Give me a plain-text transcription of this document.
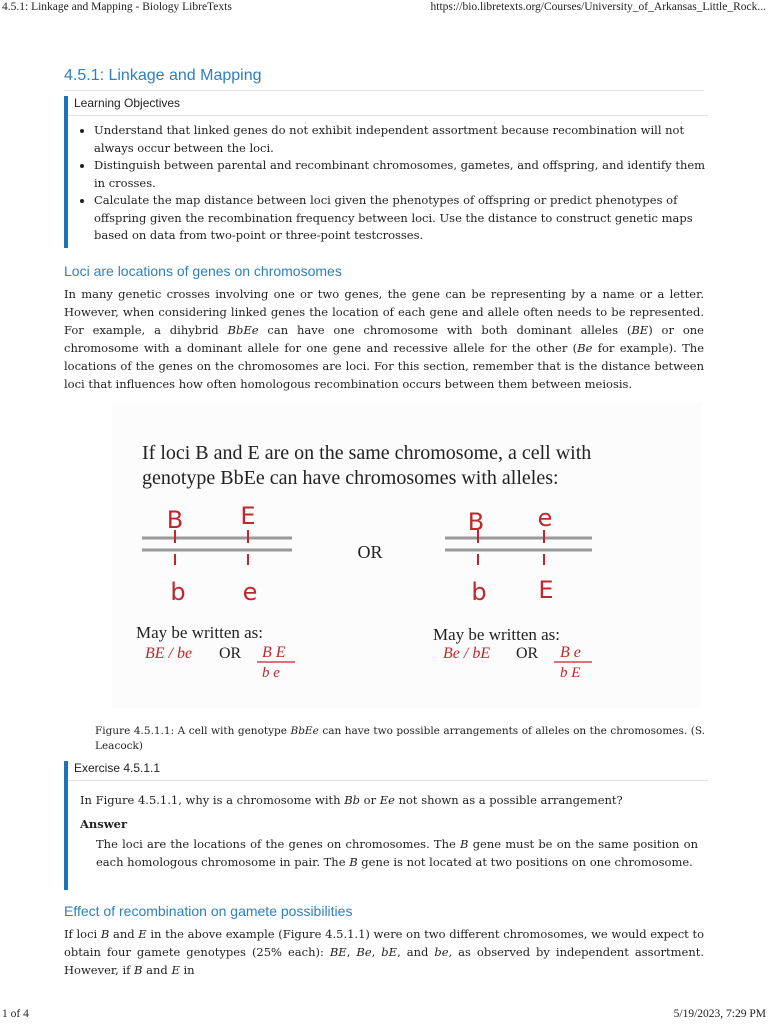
4.5.1: Linkage and Mapping - Biology LibreTexts	https://bio.libretexts.org/Courses/University_of_Arkansas_Little_Rock...
4.5.1: Linkage and Mapping
Learning Objectives
• Understand that linked genes do not exhibit independent assortment because recombination will not always occur between the loci.
• Distinguish between parental and recombinant chromosomes, gametes, and offspring, and identify them in crosses.
• Calculate the map distance between loci given the phenotypes of offspring or predict phenotypes of offspring given the recombination frequency between loci. Use the distance to construct genetic maps based on data from two-point or three-point testcrosses.
Loci are locations of genes on chromosomes

In many genetic crosses involving one or two genes, the gene can be representing by a name or a letter. However, when considering linked genes the location of each gene and allele often needs to be represented. For example, a dihybrid BbEe can have one chromosome with both dominant alleles (BE) or one chromosome with a dominant allele for one gene and recessive allele for the other (Be for example). The locations of the genes on the chromosomes are loci. For this section, remember that is the distance between loci that influences how often homologous recombination occurs between them between meiosis.

If loci B and E are on the same chromosome, a cell with
genotype BbEe can have chromosomes with alleles:
B E
b e
OR
B e
b E
May be written as:
BE / be OR B E
b e
May be written as:
Be / bE OR B e
b E
Figure 4.5.1.1: A cell with genotype BbEe can have two possible arrangements of alleles on the chromosomes. (S. Leacock)
Exercise 4.5.1.1
In Figure 4.5.1.1, why is a chromosome with Bb or Ee not shown as a possible arrangement?
Answer
The loci are the locations of the genes on chromosomes. The B gene must be on the same position on each homologous chromosome in pair. The B gene is not located at two positions on one chromosome.
Effect of recombination on gamete possibilities

If loci B and E in the above example (Figure 4.5.1.1) were on two different chromosomes, we would expect to obtain four gamete genotypes (25% each): BE, Be, bE, and be, as observed by independent assortment. However, if B and E in

1 of 4	5/19/2023, 7:29 PM
